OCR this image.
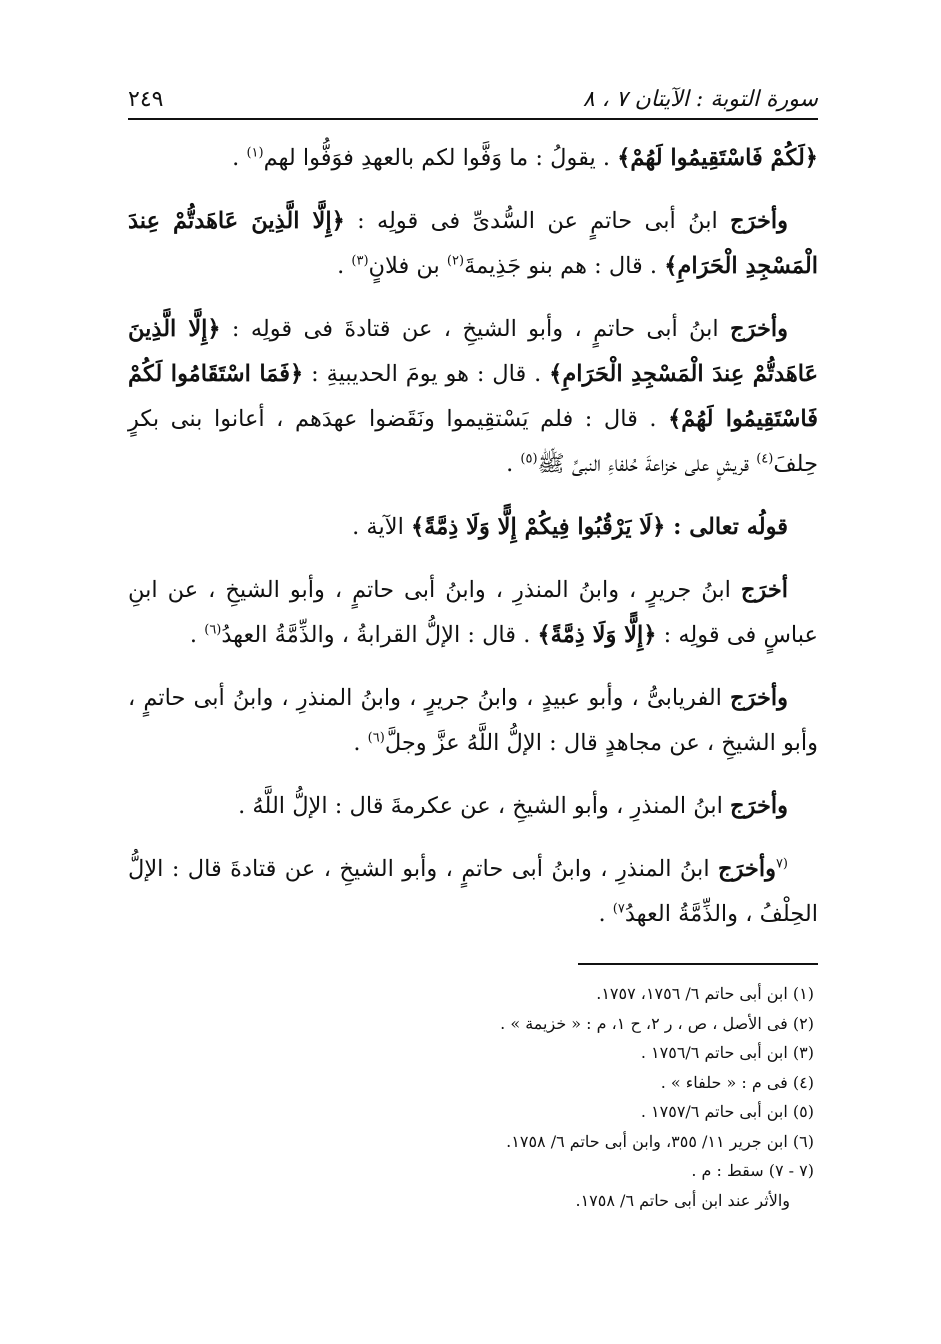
سورة التوبة : الآيتان ٧ ، ٨
٢٤٩

﴿لَكُمْ فَاسْتَقِيمُوا لَهُمْ﴾ . يقولُ : ما وَفَّوا لكم بالعهدِ فوَفُّوا لهم$^{(١)}$ .

وأخرَج ابنُ أبى حاتمٍ عن السُّدىِّ فى قولِه : ﴿إِلَّا الَّذِينَ عَاهَدتُّمْ عِندَ الْمَسْجِدِ الْحَرَامِ﴾ . قال : هم بنو جَذِيمةَ$^{(٢)}$ بن فلانٍ$^{(٣)}$ .

وأخرَج ابنُ أبى حاتمٍ ، وأبو الشيخِ ، عن قتادةَ فى قولِه : ﴿إِلَّا الَّذِينَ عَاهَدتُّمْ عِندَ الْمَسْجِدِ الْحَرَامِ﴾ . قال : هو يومَ الحديبيةِ : ﴿فَمَا اسْتَقَامُوا لَكُمْ فَاسْتَقِيمُوا لَهُمْ﴾ . قال : فلم يَسْتقِيموا ونَقَضوا عهدَهم ، أعانوا بنى بكرٍ حِلفَ$^{(٤)}$ قريشٍ على خزاعةَ حُلفاءِ النبىِّ ﷺ$^{(٥)}$ .

قولُه تعالى : ﴿لَا يَرْقُبُوا فِيكُمْ إِلًّا وَلَا ذِمَّةً﴾ الآية .

أخرَج ابنُ جريرٍ ، وابنُ المنذرِ ، وابنُ أبى حاتمٍ ، وأبو الشيخِ ، عن ابنِ عباسٍ فى قولِه : ﴿إِلًّا وَلَا ذِمَّةً﴾ . قال : الإلُّ القرابةُ ، والذِّمَّةُ العهدُ$^{(٦)}$ .

وأخرَج الفريابىُّ ، وأبو عبيدٍ ، وابنُ جريرٍ ، وابنُ المنذرِ ، وابنُ أبى حاتمٍ ، وأبو الشيخِ ، عن مجاهدٍ قال : الإلُّ اللَّهُ عزَّ وجلَّ$^{(٦)}$ .

وأخرَج ابنُ المنذرِ ، وأبو الشيخِ ، عن عكرمةَ قال : الإلُّ اللَّهُ .

$^{(٧}$وأخرَج ابنُ المنذرِ ، وابنُ أبى حاتمٍ ، وأبو الشيخِ ، عن قتادةَ قال : الإلُّ الحِلْفُ ، والذِّمَّةُ العهدُ$^{٧)}$ .

(١) ابن أبى حاتم ٦/ ١٧٥٦، ١٧٥٧.

(٢) فى الأصل ، ص ، ر ٢، ح ١، م : « خزيمة » .

(٣) ابن أبى حاتم ١٧٥٦/٦ .

(٤) فى م : « حلفاء » .

(٥) ابن أبى حاتم ١٧٥٧/٦ .

(٦) ابن جرير ١١/ ٣٥٥، وابن أبى حاتم ٦/ ١٧٥٨.

(٧ - ٧) سقط : م .

والأثر عند ابن أبى حاتم ٦/ ١٧٥٨.
